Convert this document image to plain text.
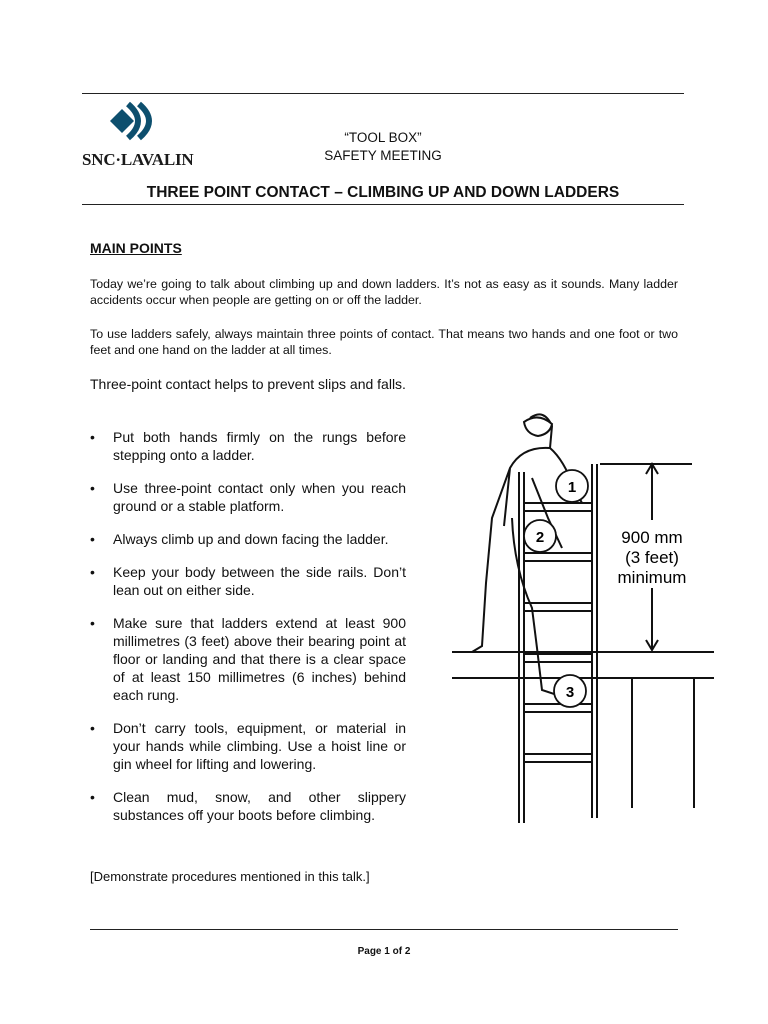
SNC·LAVALIN
“TOOL BOX”
SAFETY MEETING
THREE POINT CONTACT – CLIMBING UP AND DOWN LADDERS
MAIN POINTS

Today we’re going to talk about climbing up and down ladders. It’s not as easy as it sounds. Many ladder accidents occur when people are getting on or off the ladder.

To use ladders safely, always maintain three points of contact. That means two hands and one foot or two feet and one hand on the ladder at all times.

Three-point contact helps to prevent slips and falls.

• Put both hands firmly on the rungs before stepping onto a ladder.
• Use three-point contact only when you reach ground or a stable platform.
• Always climb up and down facing the ladder.
• Keep your body between the side rails. Don’t lean out on either side.
• Make sure that ladders extend at least 900 millimetres (3 feet) above their bearing point at floor or landing and that there is a clear space of at least 150 millimetres (6 inches) behind each rung.
• Don’t carry tools, equipment, or material in your hands while climbing. Use a hoist line or gin wheel for lifting and lowering.
• Clean mud, snow, and other slippery substances off your boots before climbing.
[Demonstrate procedures mentioned in this talk.]
1
2
3
900 mm
(3 feet)
minimum
Page 1 of 2
